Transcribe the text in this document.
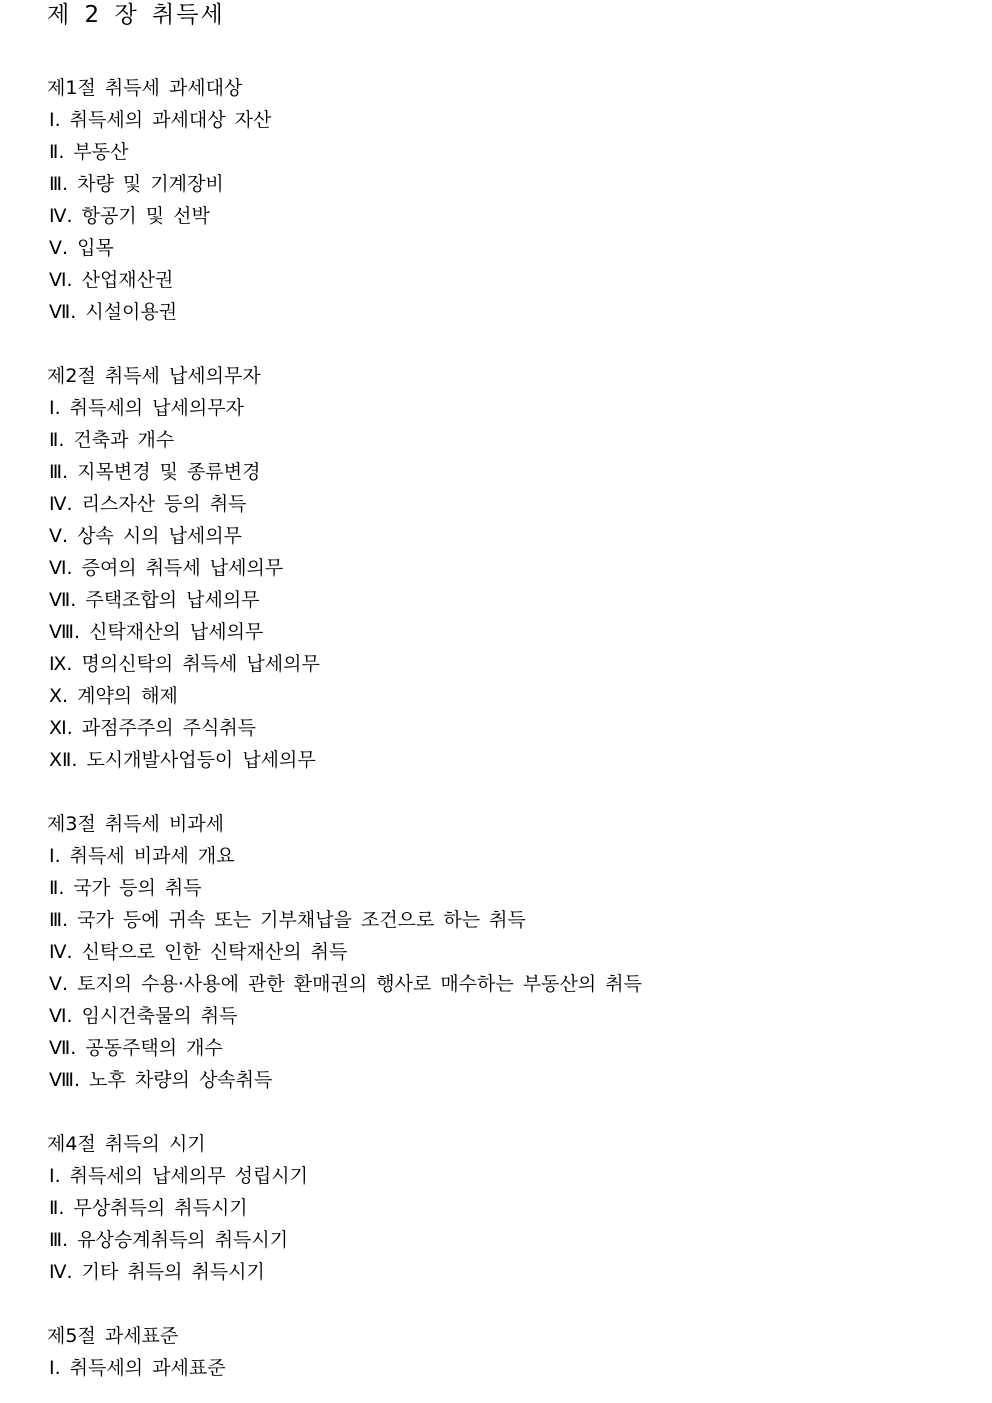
제 2 장 취득세
제1절 취득세 과세대상
Ⅰ. 취득세의 과세대상 자산
Ⅱ. 부동산
Ⅲ. 차량 및 기계장비
Ⅳ. 항공기 및 선박
Ⅴ. 입목
Ⅵ. 산업재산권
Ⅶ. 시설이용권
제2절 취득세 납세의무자
Ⅰ. 취득세의 납세의무자
Ⅱ. 건축과 개수
Ⅲ. 지목변경 및 종류변경
Ⅳ. 리스자산 등의 취득
Ⅴ. 상속 시의 납세의무
Ⅵ. 증여의 취득세 납세의무
Ⅶ. 주택조합의 납세의무
Ⅷ. 신탁재산의 납세의무
Ⅸ. 명의신탁의 취득세 납세의무
Ⅹ. 계약의 해제
Ⅺ. 과점주주의 주식취득
ⅩⅡ. 도시개발사업등이 납세의무
제3절 취득세 비과세
Ⅰ. 취득세 비과세 개요
Ⅱ. 국가 등의 취득
Ⅲ. 국가 등에 귀속 또는 기부채납을 조건으로 하는 취득
Ⅳ. 신탁으로 인한 신탁재산의 취득
Ⅴ. 토지의 수용·사용에 관한 환매권의 행사로 매수하는 부동산의 취득
Ⅵ. 임시건축물의 취득
Ⅶ. 공동주택의 개수
Ⅷ. 노후 차량의 상속취득
제4절 취득의 시기
Ⅰ. 취득세의 납세의무 성립시기
Ⅱ. 무상취득의 취득시기
Ⅲ. 유상승계취득의 취득시기
Ⅳ. 기타 취득의 취득시기
제5절 과세표준
Ⅰ. 취득세의 과세표준
